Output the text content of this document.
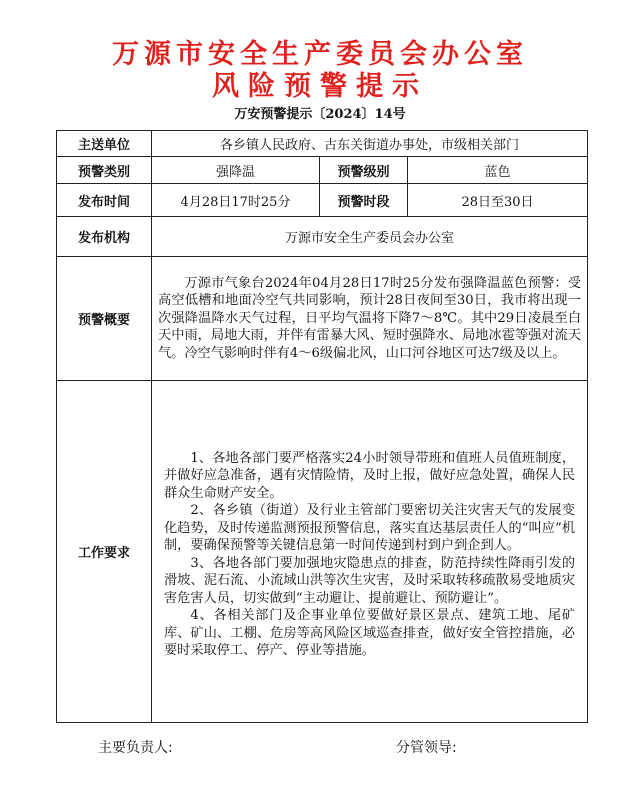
万源市安全生产委员会办公室
风险预警提示
万安预警提示〔2024〕14号
主送单位	各乡镇人民政府、古东关街道办事处，市级相关部门		
预警类别	强降温	预警级别	蓝色
发布时间	4月28日17时25分	预警时段	28日至30日
发布机构	万源市安全生产委员会办公室		
预警概要	万源市气象台2024年04月28日17时25分发布强降温蓝色预警：受高空低槽和地面冷空气共同影响，预计28日夜间至30日，我市将出现一次强降温降水天气过程，日平均气温将下降7～8℃。其中29日凌晨至白天中雨，局地大雨，并伴有雷暴大风、短时强降水、局地冰雹等强对流天气。冷空气影响时伴有4～6级偏北风，山口河谷地区可达7级及以上。		

工作要求	1、各地各部门要严格落实24小时领导带班和值班人员值班制度，并做好应急准备，遇有灾情险情，及时上报，做好应急处置，确保人民群众生命财产安全。

2、各乡镇（街道）及行业主管部门要密切关注灾害天气的发展变化趋势，及时传递监测预报预警信息，落实直达基层责任人的“叫应”机制，要确保预警等关键信息第一时间传递到村到户到企到人。

3、各地各部门要加强地灾隐患点的排查，防范持续性降雨引发的滑坡、泥石流、小流域山洪等次生灾害，及时采取转移疏散易受地质灾害危害人员，切实做到“主动避让、提前避让、预防避让”。

4、各相关部门及企事业单位要做好景区景点、建筑工地、尾矿库、矿山、工棚、危房等高风险区域巡查排查，做好安全管控措施，必要时采取停工、停产、停业等措施。		

主要负责人:	分管领导:
